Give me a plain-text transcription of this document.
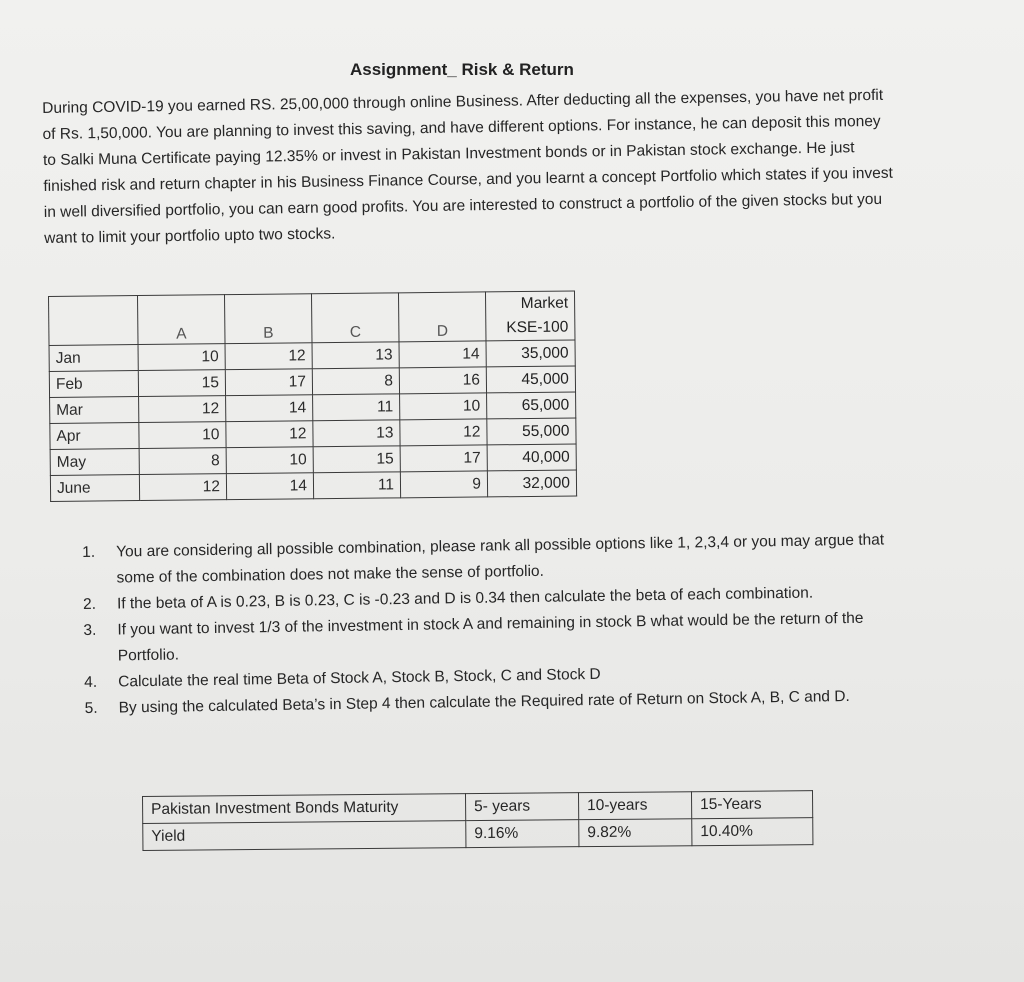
Assignment_ Risk & Return
During COVID-19 you earned RS. 25,00,000 through online Business. After deducting all the expenses, you have net profit of Rs. 1,50,000. You are planning to invest this saving, and have different options. For instance, he can deposit this money to Salki Muna Certificate paying 12.35% or invest in Pakistan Investment bonds or in Pakistan stock exchange. He just finished risk and return chapter in his Business Finance Course, and you learnt a concept Portfolio which states if you invest in well diversified portfolio, you can earn good profits. You are interested to construct a portfolio of the given stocks but you want to limit your portfolio upto two stocks.
	A	B	C	D	Market
KSE-100

Jan	10	12	13	14	35,000
Feb	15	17	8	16	45,000
Mar	12	14	11	10	65,000
Apr	10	12	13	12	55,000
May	8	10	15	17	40,000
June	12	14	11	9	32,000
1.	You are considering all possible combination, please rank all possible options like 1, 2,3,4 or you may argue that some of the combination does not make the sense of portfolio.
2.	If the beta of A is 0.23, B is 0.23, C is -0.23 and D is 0.34 then calculate the beta of each combination.
3.	If you want to invest 1/3 of the investment in stock A and remaining in stock B what would be the return of the Portfolio.
4.	Calculate the real time Beta of Stock A, Stock B, Stock, C and Stock D
5.	By using the calculated Beta’s in Step 4 then calculate the Required rate of Return on Stock A, B, C and D.
Pakistan Investment Bonds Maturity	5- years	10-years	15-Years
Yield	9.16%	9.82%	10.40%
